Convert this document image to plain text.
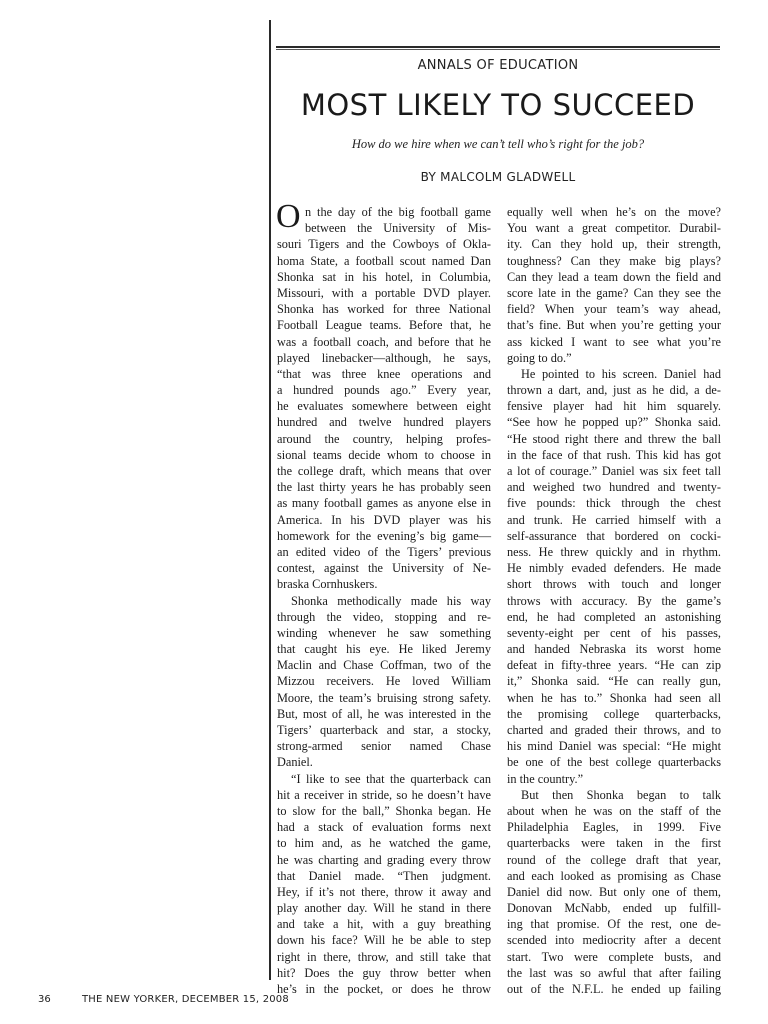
ANNALS OF EDUCATION
MOST LIKELY TO SUCCEED
How do we hire when we can’t tell who’s right for the job?
BY MALCOLM GLADWELL
O n the day of the big football game
between the University of Mis-
souri Tigers and the Cowboys of Okla-
homa State, a football scout named Dan
Shonka sat in his hotel, in Columbia,
Missouri, with a portable DVD player.
Shonka has worked for three National
Football League teams. Before that, he
was a football coach, and before that he
played linebacker—although, he says,
“that was three knee operations and
a hundred pounds ago.” Every year,
he evaluates somewhere between eight
hundred and twelve hundred players
around the country, helping profes-
sional teams decide whom to choose in
the college draft, which means that over
the last thirty years he has probably seen
as many football games as anyone else in
America. In his DVD player was his
homework for the evening’s big game—
an edited video of the Tigers’ previous
contest, against the University of Ne-
braska Cornhuskers.
Shonka methodically made his way
through the video, stopping and re-
winding whenever he saw something
that caught his eye. He liked Jeremy
Maclin and Chase Coffman, two of the
Mizzou receivers. He loved William
Moore, the team’s bruising strong safety.
But, most of all, he was interested in the
Tigers’ quarterback and star, a stocky,
strong-armed senior named Chase
Daniel.
“I like to see that the quarterback can
hit a receiver in stride, so he doesn’t have
to slow for the ball,” Shonka began. He
had a stack of evaluation forms next
to him and, as he watched the game,
he was charting and grading every throw
that Daniel made. “Then judgment.
Hey, if it’s not there, throw it away and
play another day. Will he stand in there
and take a hit, with a guy breathing
down his face? Will he be able to step
right in there, throw, and still take that
hit? Does the guy throw better when
he’s in the pocket, or does he throw
equally well when he’s on the move?
You want a great competitor. Durabil-
ity. Can they hold up, their strength,
toughness? Can they make big plays?
Can they lead a team down the field and
score late in the game? Can they see the
field? When your team’s way ahead,
that’s fine. But when you’re getting your
ass kicked I want to see what you’re
going to do.”
He pointed to his screen. Daniel had
thrown a dart, and, just as he did, a de-
fensive player had hit him squarely.
“See how he popped up?” Shonka said.
“He stood right there and threw the ball
in the face of that rush. This kid has got
a lot of courage.” Daniel was six feet tall
and weighed two hundred and twenty-
five pounds: thick through the chest
and trunk. He carried himself with a
self-assurance that bordered on cocki-
ness. He threw quickly and in rhythm.
He nimbly evaded defenders. He made
short throws with touch and longer
throws with accuracy. By the game’s
end, he had completed an astonishing
seventy-eight per cent of his passes,
and handed Nebraska its worst home
defeat in fifty-three years. “He can zip
it,” Shonka said. “He can really gun,
when he has to.” Shonka had seen all
the promising college quarterbacks,
charted and graded their throws, and to
his mind Daniel was special: “He might
be one of the best college quarterbacks
in the country.”
But then Shonka began to talk
about when he was on the staff of the
Philadelphia Eagles, in 1999. Five
quarterbacks were taken in the first
round of the college draft that year,
and each looked as promising as Chase
Daniel did now. But only one of them,
Donovan McNabb, ended up fulfill-
ing that promise. Of the rest, one de-
scended into mediocrity after a decent
start. Two were complete busts, and
the last was so awful that after failing
out of the N.F.L. he ended up failing
36	THE NEW YORKER, DECEMBER 15, 2008
